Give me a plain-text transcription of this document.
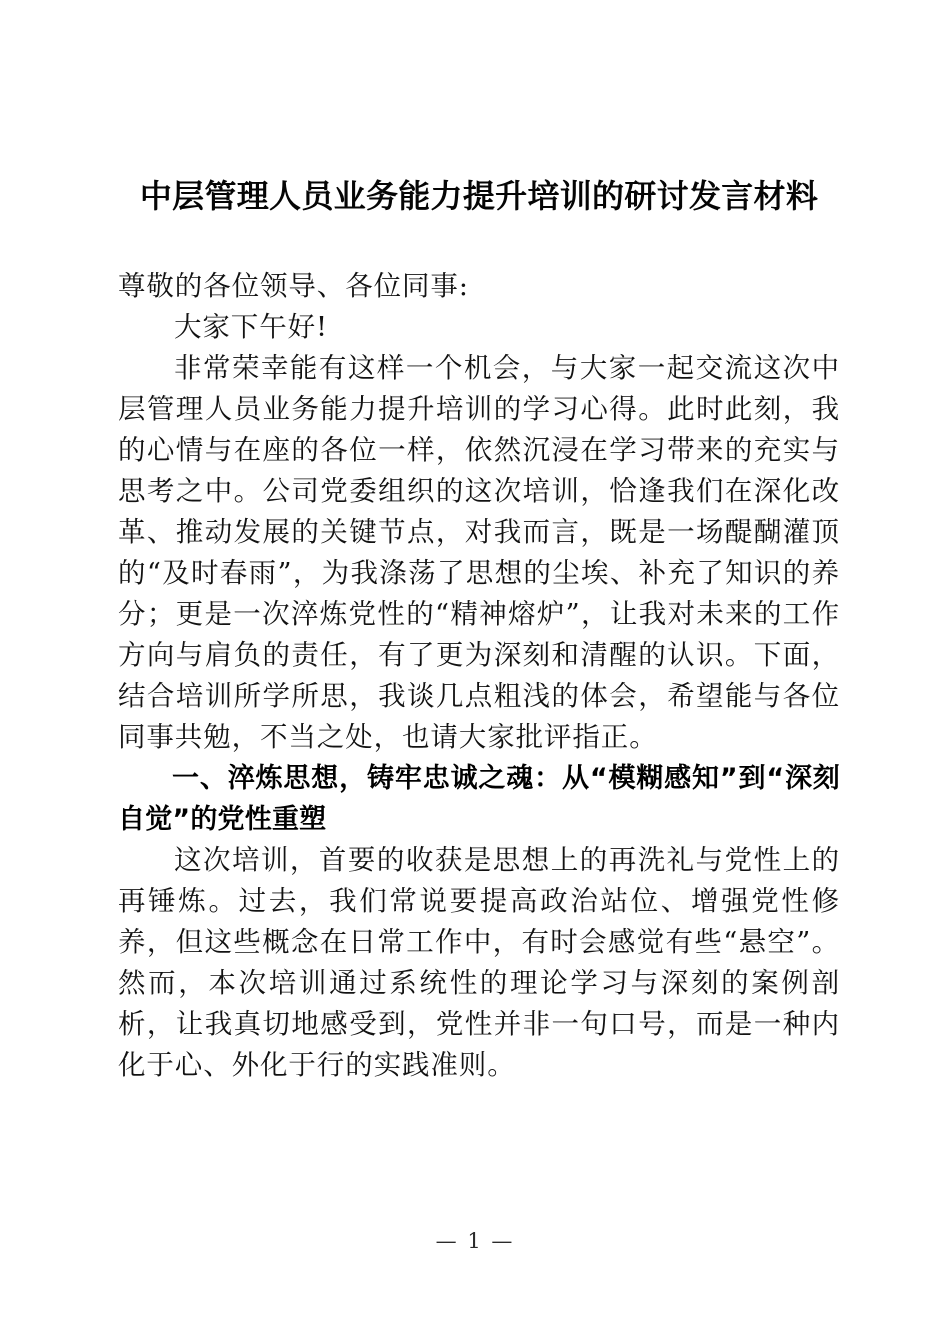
中层管理人员业务能力提升培训的研讨发言材料

尊敬的各位领导、各位同事:

大家下午好!

非常荣幸能有这样一个机会，与大家一起交流这次中层管理人员业务能力提升培训的学习心得。此时此刻，我的心情与在座的各位一样，依然沉浸在学习带来的充实与思考之中。公司党委组织的这次培训，恰逢我们在深化改革、推动发展的关键节点，对我而言，既是一场醍醐灌顶的“及时春雨”，为我涤荡了思想的尘埃、补充了知识的养分；更是一次淬炼党性的“精神熔炉”，让我对未来的工作方向与肩负的责任，有了更为深刻和清醒的认识。下面，结合培训所学所思，我谈几点粗浅的体会，希望能与各位同事共勉，不当之处，也请大家批评指正。

一、淬炼思想，铸牢忠诚之魂：从“模糊感知”到“深刻自觉”的党性重塑

这次培训，首要的收获是思想上的再洗礼与党性上的再锤炼。过去，我们常说要提高政治站位、增强党性修养，但这些概念在日常工作中，有时会感觉有些“悬空”。然而，本次培训通过系统性的理论学习与深刻的案例剖析，让我真切地感受到，党性并非一句口号，而是一种内化于心、外化于行的实践准则。

— 1 —
